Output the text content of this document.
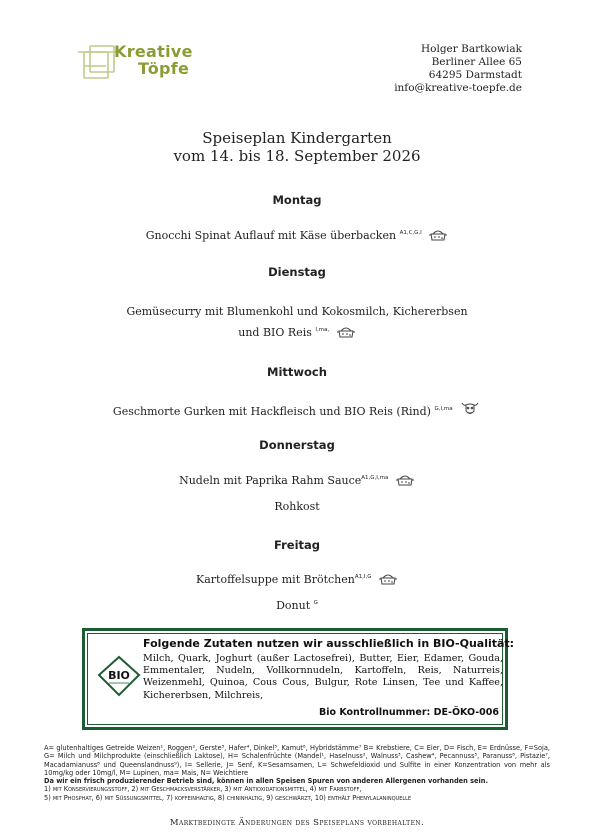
Kreative
Töpfe
Holger Bartkowiak
Berliner Allee 65
64295 Darmstadt
info@kreative-toepfe.de
Speiseplan Kindergarten
vom 14. bis 18. September 2026
Montag
Gnocchi Spinat Auflauf mit Käse überbacken $^{A1,C,G,I}$
Dienstag
Gemüsecurry mit Blumenkohl und Kokosmilch, Kichererbsen
und BIO Reis $^{I,ma,}$
Mittwoch
Geschmorte Gurken mit Hackfleisch und BIO Reis (Rind) $^{G,I,ma}$
Donnerstag
Nudeln mit Paprika Rahm Sauce$^{A1,G,I,ma}$
Rohkost
Freitag
Kartoffelsuppe mit Brötchen$^{A1,I,G}$
Donut $^G$
BIO
Folgende Zutaten nutzen wir ausschließlich in BIO-Qualität:
Milch, Quark, Joghurt (außer Lactosefrei), Butter, Eier, Edamer, Gouda, Emmentaler, Nudeln, Vollkornnudeln, Kartoffeln, Reis, Naturreis, Weizenmehl, Quinoa, Cous Cous, Bulgur, Rote Linsen, Tee und Kaffee, Kichererbsen, Milchreis,
Bio Kontrollnummer: DE-ÖKO-006
A= glutenhaltiges Getreide Weizen¹, Roggen², Gerste³, Hafer⁴, Dinkel⁵, Kamut⁶, Hybridstämme⁷ B= Krebstiere, C= Eier, D= Fisch, E= Erdnüsse, F=Soja, G= Milch und Milchprodukte (einschließlich Laktose), H= Schalenfrüchte (Mandel¹, Haselnuss², Walnuss³, Cashew⁴, Pecannuss⁵, Paranuss⁶, Pistazie⁷, Macadamianuss⁸ und Queenslandnuss⁹), I= Sellerie, J= Senf, K=Sesamsamen, L= Schwefeldioxid und Sulfite in einer Konzentration von mehr als 10mg/kg oder 10mg/l, M= Lupinen, ma= Mais, N= Weichtiere
Da wir ein frisch produzierender Betrieb sind, können in allen Speisen Spuren von anderen Allergenen vorhanden sein.
1) mit Konservierungsstoff, 2) mit Geschmacksverstärker, 3) mit Antioxidationsmittel, 4) mit Farbstoff,
5) mit Phosphat, 6) mit Süßungsmittel, 7) koffeinhaltig, 8) chininhaltig, 9) geschwärzt, 10) enthält Phenylalaninquelle
Marktbedingte Änderungen des Speiseplans vorbehalten.
